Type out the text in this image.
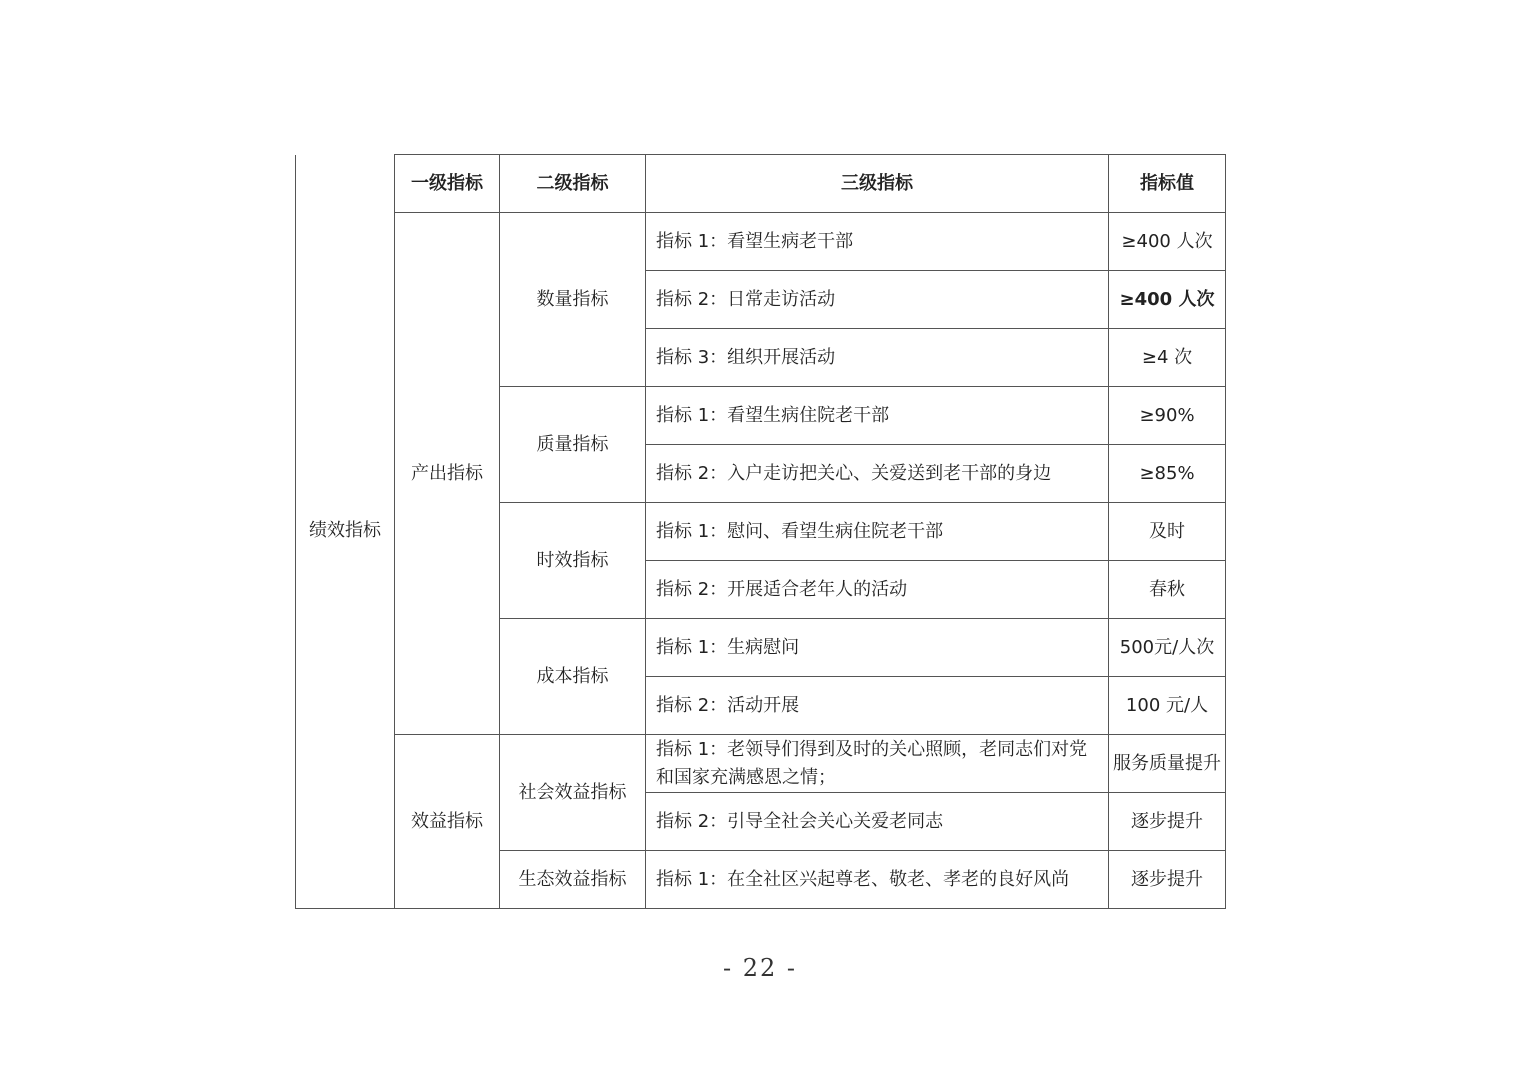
绩效指标	一级指标	二级指标	三级指标	指标值
	产出指标	数量指标	指标 1：看望生病老干部	≥400 人次
			指标 2：日常走访活动	≥400 人次
			指标 3：组织开展活动	≥4 次
		质量指标	指标 1：看望生病住院老干部	≥90%
			指标 2：入户走访把关心、关爱送到老干部的身边	≥85%
		时效指标	指标 1：慰问、看望生病住院老干部	及时
			指标 2：开展适合老年人的活动	春秋
		成本指标	指标 1：生病慰问	500元/人次
			指标 2：活动开展	100 元/人
	效益指标	社会效益指标	指标 1：老领导们得到及时的关心照顾，老同志们对党和国家充满感恩之情；	服务质量提升
			指标 2：引导全社会关心关爱老同志	逐步提升
		生态效益指标	指标 1：在全社区兴起尊老、敬老、孝老的良好风尚	逐步提升
- 22 -
